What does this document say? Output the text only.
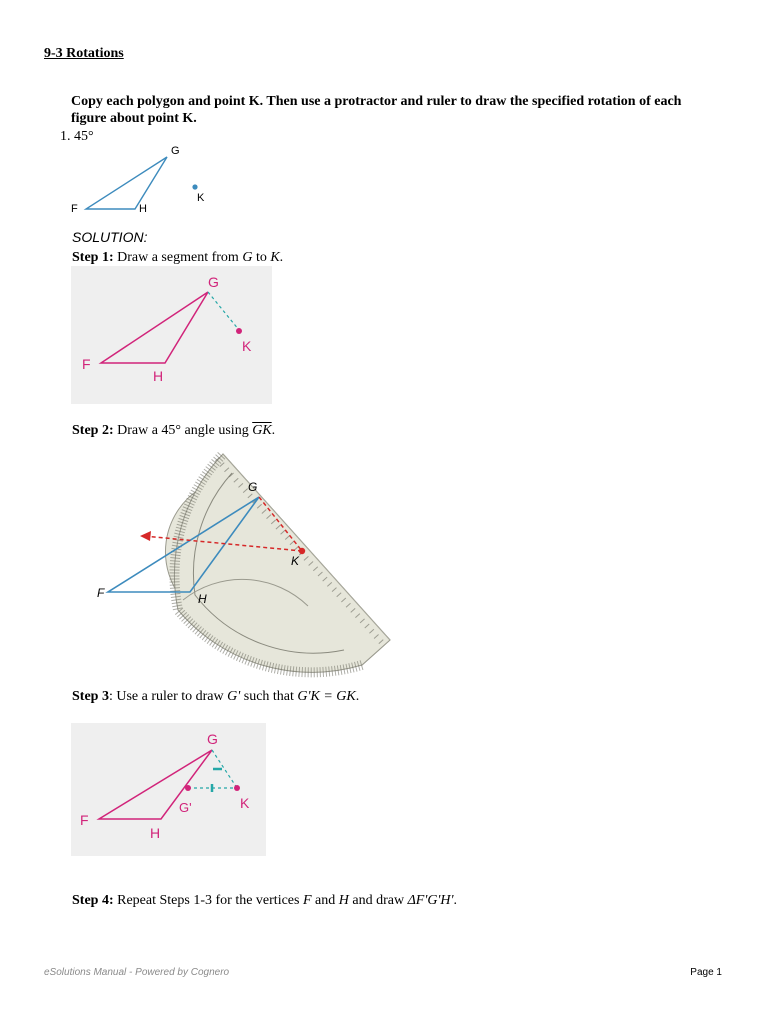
9-3 Rotations
Copy each polygon and point K. Then use a protractor and ruler to draw the specified rotation of each figure about point K.
1. 45°
G
F	H
K
SOLUTION:
Step 1: Draw a segment from G to K.
G
F
H
K
Step 2: Draw a 45° angle using $\overline{GK}$.
G
F	H
K
Step 3: Use a ruler to draw G' such that G'K = GK.
G
F
H
K
G'
Step 4: Repeat Steps 1-3 for the vertices F and H and draw ΔF'G'H'.
eSolutions Manual - Powered by Cognero	Page 1
